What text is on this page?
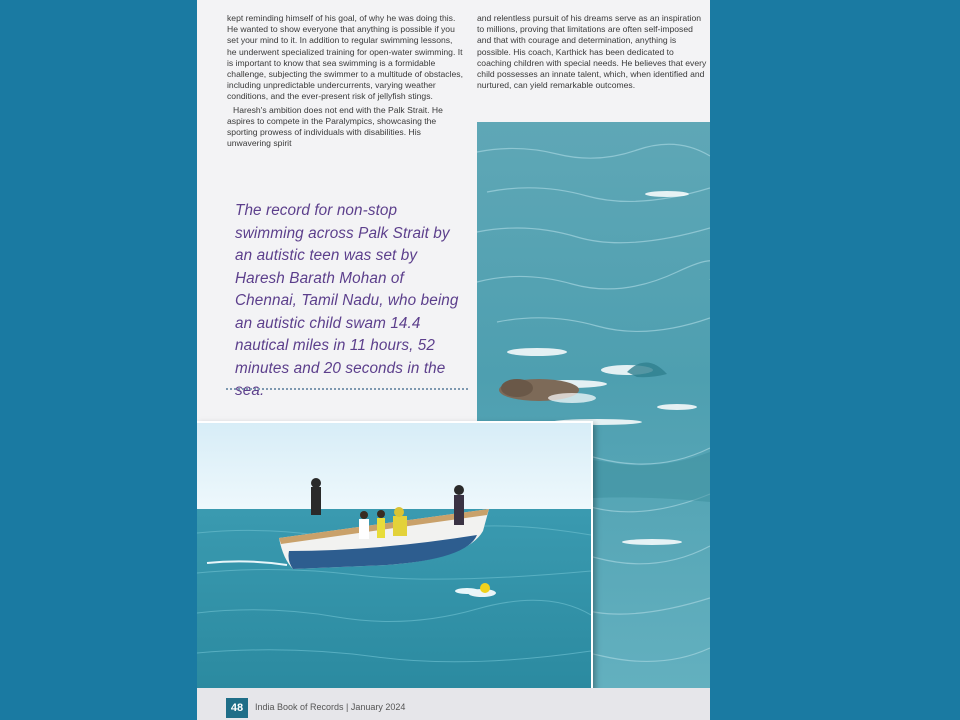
kept reminding himself of his goal, of why he was doing this. He wanted to show everyone that anything is possible if you set your mind to it. In addition to regular swimming lessons, he underwent specialized training for open-water swimming. It is important to know that sea swimming is a formidable challenge, subjecting the swimmer to a multitude of obstacles, including unpredictable undercurrents, varying weather conditions, and the ever-present risk of jellyfish stings.

Haresh's ambition does not end with the Palk Strait. He aspires to compete in the Paralympics, showcasing the sporting prowess of individuals with disabilities. His unwavering spirit

and relentless pursuit of his dreams serve as an inspiration to millions, proving that limitations are often self-imposed and that with courage and determination, anything is possible. His coach, Karthick has been dedicated to coaching children with special needs. He believes that every child possesses an innate talent, which, when identified and nurtured, can yield remarkable outcomes.

The record for non-stop swimming across Palk Strait by an autistic teen was set by Haresh Barath Mohan of Chennai, Tamil Nadu, who being an autistic child swam 14.4 nautical miles in 11 hours, 52 minutes and 20 seconds in the sea.
48	India Book of Records | January 2024
